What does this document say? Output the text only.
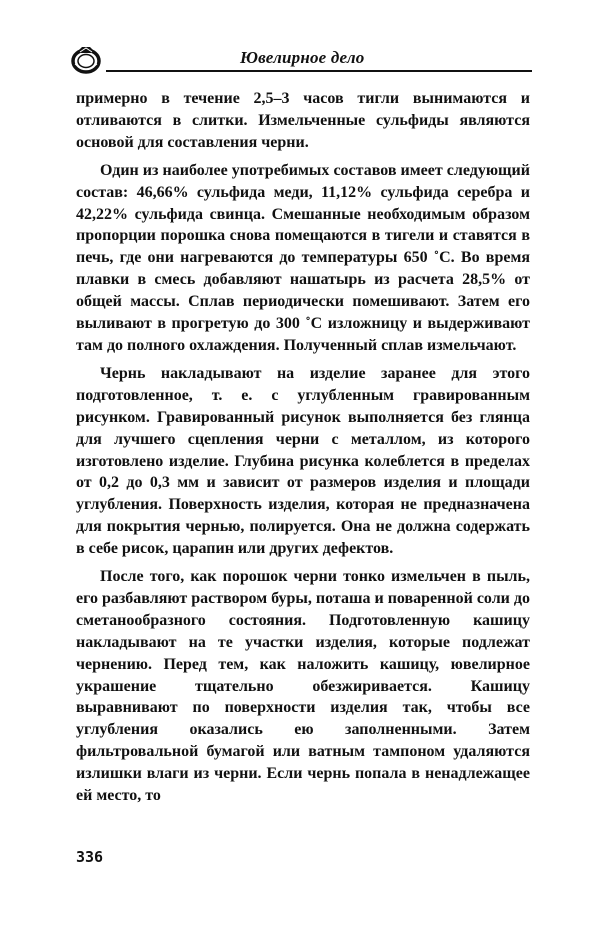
Ювелирное дело

примерно в течение 2,5–3 часов тигли вынимаются и отливаются в слитки. Измельченные сульфиды являются основой для составления черни.

Один из наиболее употребимых составов имеет следующий состав: 46,66% сульфида меди, 11,12% сульфида серебра и 42,22% сульфида свинца. Смешанные необходимым образом пропорции порошка снова помещаются в тигели и ставятся в печь, где они нагреваются до температуры 650 ˚С. Во время плавки в смесь добавляют нашатырь из расчета 28,5% от общей массы. Сплав периодически помешивают. Затем его выливают в прогретую до 300 ˚С изложницу и выдерживают там до полного охлаждения. Полученный сплав измельчают.

Чернь накладывают на изделие заранее для этого подготовленное, т. е. с углубленным гравированным рисунком. Гравированный рисунок выполняется без глянца для лучшего сцепления черни с металлом, из которого изготовлено изделие. Глубина рисунка колеблется в пределах от 0,2 до 0,3 мм и зависит от размеров изделия и площади углубления. Поверхность изделия, которая не предназначена для покрытия чернью, полируется. Она не должна содержать в себе рисок, царапин или других дефектов.

После того, как порошок черни тонко измельчен в пыль, его разбавляют раствором буры, поташа и поваренной соли до сметанообразного состояния. Подготовленную кашицу накладывают на те участки изделия, которые подлежат чернению. Перед тем, как наложить кашицу, ювелирное украшение тщательно обезжиривается. Кашицу выравнивают по поверхности изделия так, чтобы все углубления оказались ею заполненными. Затем фильтровальной бумагой или ватным тампоном удаляются излишки влаги из черни. Если чернь попала в ненадлежащее ей место, то

336
